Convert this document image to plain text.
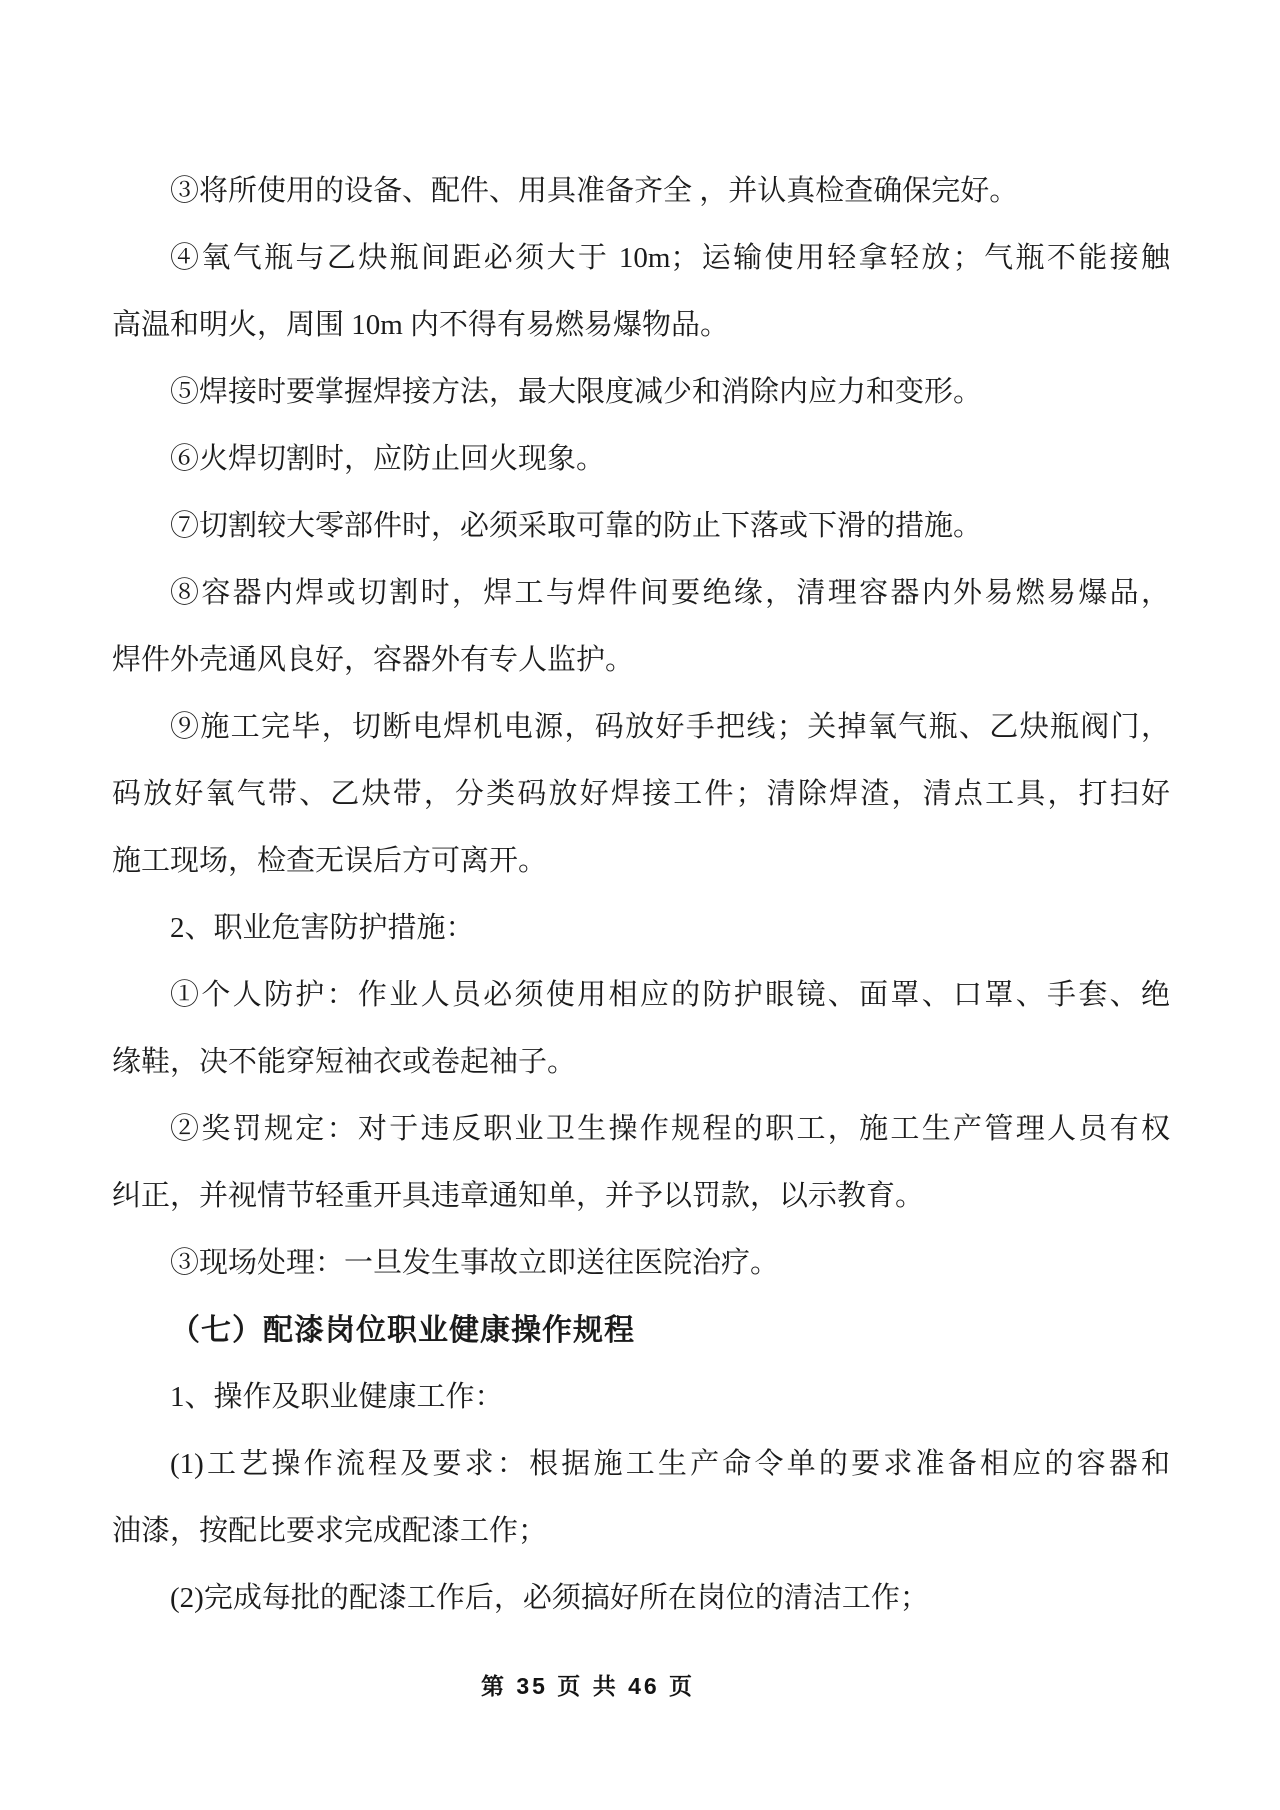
③将所使用的设备、配件、用具准备齐全 ，并认真检查确保完好。
④氧气瓶与乙炔瓶间距必须大于 10m；运输使用轻拿轻放；气瓶不能接触
高温和明火，周围 10m 内不得有易燃易爆物品。
⑤焊接时要掌握焊接方法，最大限度减少和消除内应力和变形。
⑥火焊切割时，应防止回火现象。
⑦切割较大零部件时，必须采取可靠的防止下落或下滑的措施。
⑧容器内焊或切割时，焊工与焊件间要绝缘，清理容器内外易燃易爆品，
焊件外壳通风良好，容器外有专人监护。
⑨施工完毕，切断电焊机电源，码放好手把线；关掉氧气瓶、乙炔瓶阀门，
码放好氧气带、乙炔带，分类码放好焊接工件；清除焊渣，清点工具，打扫好
施工现场，检查无误后方可离开。
2、职业危害防护措施：
①个人防护：作业人员必须使用相应的防护眼镜、面罩、口罩、手套、绝
缘鞋，决不能穿短袖衣或卷起袖子。
②奖罚规定：对于违反职业卫生操作规程的职工，施工生产管理人员有权
纠正，并视情节轻重开具违章通知单，并予以罚款，以示教育。
③现场处理：一旦发生事故立即送往医院治疗。
（七）配漆岗位职业健康操作规程
1、操作及职业健康工作：
(1)工艺操作流程及要求：根据施工生产命令单的要求准备相应的容器和
油漆，按配比要求完成配漆工作；
(2)完成每批的配漆工作后，必须搞好所在岗位的清洁工作；
第 35 页 共 46 页
